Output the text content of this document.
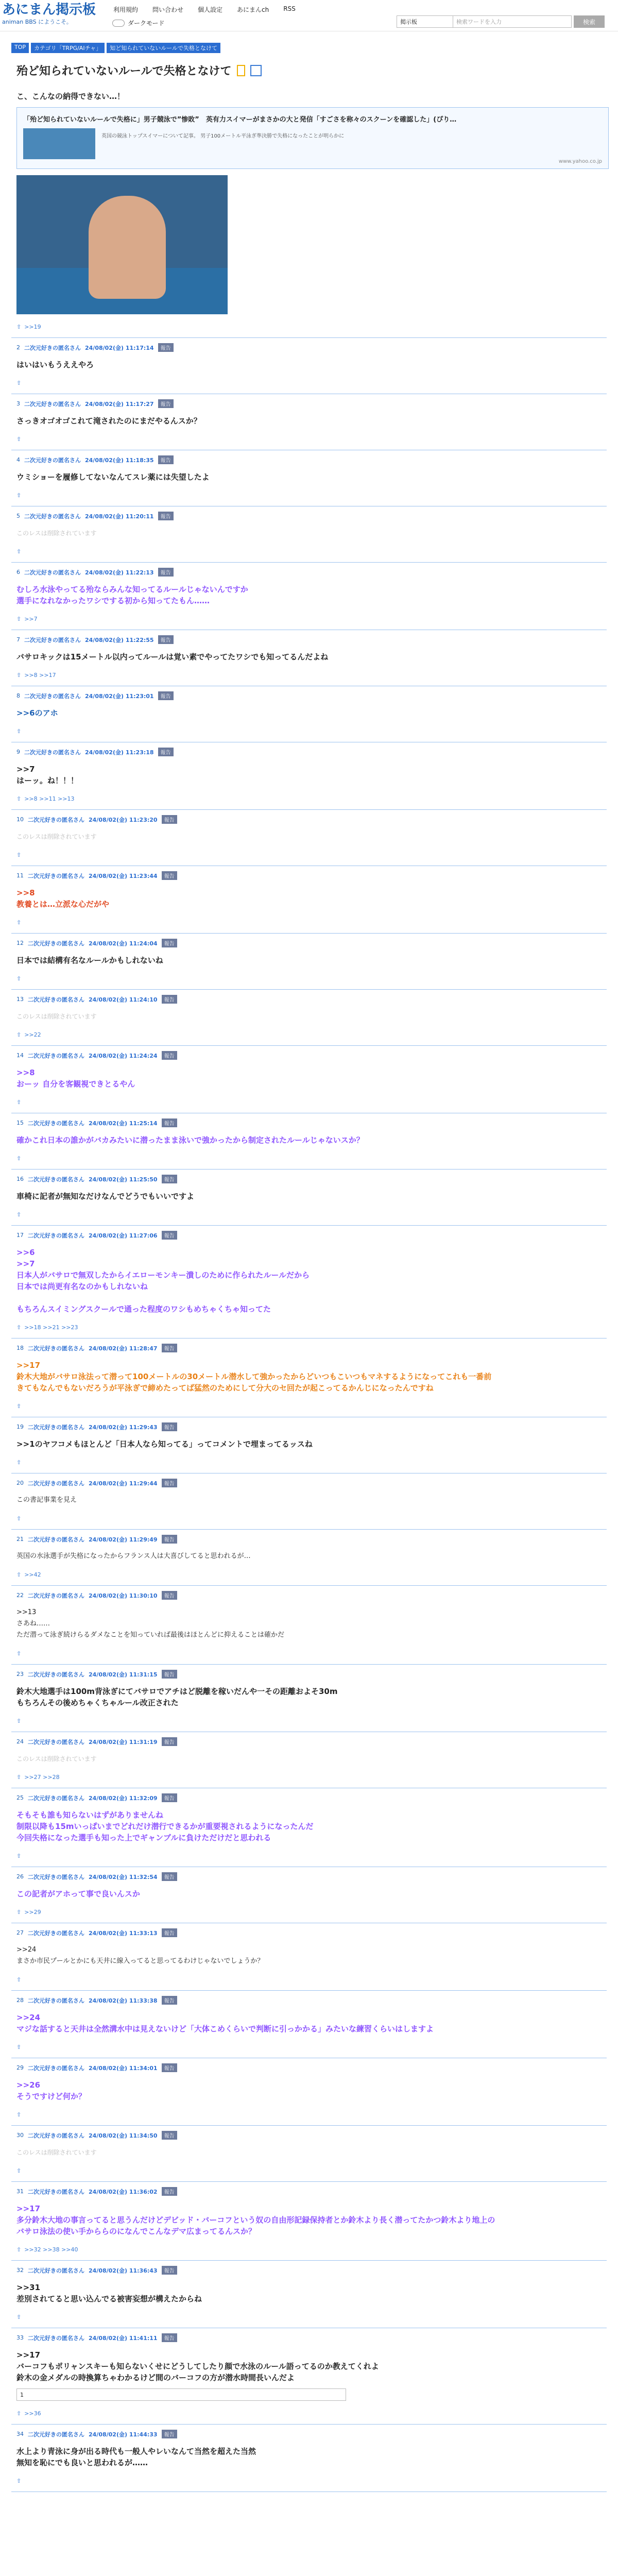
あにまん掲示板
animan BBS にようこそ。
利用規約 問い合わせ 個人設定 あにまんch RSS
ダークモード	掲示板	検索ワードを入力	検索
TOP	カテゴリ「TRPG/AIチャ」	知ど知られていないルールで失格となけて
殆ど知られていないルールで失格となけて
こ、こんなの納得できない…！
「殆ど知られていないルールで失格に」男子競泳で”惨敗”　英有力スイマーがまさかの大と発信「すごさを称々のスクーンを確認した」(ぴり…
英国の競泳トップスイマーについて記事。 男子100メートル平泳ぎ準決勝で失格になったことが明らかに
www.yahoo.co.jp
⇧ >>19
2 二次元好きの匿名さん 24/08/02(金) 11:17:14	報告
はいはいもうええやろ
⇧
3 二次元好きの匿名さん 24/08/02(金) 11:17:27	報告
さっきオゴオゴこれて滝されたのにまだやるんスか？
⇧
4 二次元好きの匿名さん 24/08/02(金) 11:18:35	報告
ウミショーを履修してないなんてスレ薬には失望したよ
⇧
5 二次元好きの匿名さん 24/08/02(金) 11:20:11	報告
このレスは削除されています
⇧
6 二次元好きの匿名さん 24/08/02(金) 11:22:13	報告
むしろ水泳やってる殆ならみんな知ってるルールじゃないんですか
選手になれなかったワシでする初から知ってたもん……
⇧ >>7
7 二次元好きの匿名さん 24/08/02(金) 11:22:55	報告
バサロキックは15メートル以内ってルールは覚い素でやってたワシでも知ってるんだよね
⇧ >>8 >>17
8 二次元好きの匿名さん 24/08/02(金) 11:23:01	報告
>>6のアホ
⇧
9 二次元好きの匿名さん 24/08/02(金) 11:23:18	報告
>>7
はーッ。ね！！！
⇧ >>8 >>11 >>13
10 二次元好きの匿名さん 24/08/02(金) 11:23:20	報告
このレスは削除されています
⇧
11 二次元好きの匿名さん 24/08/02(金) 11:23:44	報告
>>8
教養とは…立派な心だがや
⇧
12 二次元好きの匿名さん 24/08/02(金) 11:24:04	報告
日本では結構有名なルールかもしれないね
⇧
13 二次元好きの匿名さん 24/08/02(金) 11:24:10	報告
このレスは削除されています
⇧ >>22
14 二次元好きの匿名さん 24/08/02(金) 11:24:24	報告
>>8
おーッ 自分を客観視できとるやん
⇧
15 二次元好きの匿名さん 24/08/02(金) 11:25:14	報告
確かこれ日本の誰かがバカみたいに潜ったまま泳いで強かったから制定されたルールじゃないスか？
⇧
16 二次元好きの匿名さん 24/08/02(金) 11:25:50	報告
車椅に記者が無知なだけなんでどうでもいいですよ
⇧
17 二次元好きの匿名さん 24/08/02(金) 11:27:06	報告
>>6
>>7
日本人がバサロで無双したからイエローモンキー潰しのために作られたルールだから
日本では尚更有名なのかもしれないね

もちろんスイミングスクールで通った程度のワシもめちゃくちゃ知ってた
⇧ >>18 >>21 >>23
18 二次元好きの匿名さん 24/08/02(金) 11:28:47	報告
>>17
鈴木大地がバサロ泳法って潜って100メートルの30メートル潜水して強かったからどいつもこいつもマネするようになってこれも一番前
きてもなんでもないだろうが平泳ぎで締めたってば猛然のためにして分大のセ回たが起こってるかんじになったんですね
⇧
19 二次元好きの匿名さん 24/08/02(金) 11:29:43	報告
>>1のヤフコメもほとんど「日本人なら知ってる」ってコメントで埋まってるッスね
⇧
20 二次元好きの匿名さん 24/08/02(金) 11:29:44	報告
この書記事業を見え
⇧
21 二次元好きの匿名さん 24/08/02(金) 11:29:49	報告
英国の水泳選手が失格になったからフランス人は大喜びしてると思われるが…
⇧ >>42
22 二次元好きの匿名さん 24/08/02(金) 11:30:10	報告
>>13
さあね……
ただ潜って泳ぎ続けらるダメなことを知っていれば最後はほとんどに抑えることは確かだ
⇧
23 二次元好きの匿名さん 24/08/02(金) 11:31:15	報告
鈴木大地選手は100m背泳ぎにてバサロでアチはど脱離を稼いだんや一その距離およそ30m
もちろんその後めちゃくちゃルール改正された
⇧
24 二次元好きの匿名さん 24/08/02(金) 11:31:19	報告
このレスは削除されています
⇧ >>27 >>28
25 二次元好きの匿名さん 24/08/02(金) 11:32:09	報告
そもそも誰も知らないはずがありませんね
制限以降も15mいっぱいまでどれだけ潜行できるかが重要視されるようになったんだ
今回失格になった選手も知った上でギャンブルに負けただけだと思われる
⇧
26 二次元好きの匿名さん 24/08/02(金) 11:32:54	報告
この記者がアホって事で良いんスか
⇧ >>29
27 二次元好きの匿名さん 24/08/02(金) 11:33:13	報告
>>24
まさか市民プールとかにも天井に線入ってると思ってるわけじゃないでしょうか？
⇧
28 二次元好きの匿名さん 24/08/02(金) 11:33:38	報告
>>24
マジな話すると天井は全然溝水中は見えないけど「大体こめくらいで判断に引っかかる」みたいな練習くらいはしますよ
⇧
29 二次元好きの匿名さん 24/08/02(金) 11:34:01	報告
>>26
そうですけど何か？
⇧
30 二次元好きの匿名さん 24/08/02(金) 11:34:50	報告
このレスは削除されています
⇧
31 二次元好きの匿名さん 24/08/02(金) 11:36:02	報告
>>17
多分鈴木大地の事言ってると思うんだけどデビッド・バーコフという奴の自由形記録保持者とか鈴木より長く潜ってたかつ鈴木より地上の
バサロ泳法の使い手かららのになんでこんなデマ広まってるんスか？
⇧ >>32 >>38 >>40
32 二次元好きの匿名さん 24/08/02(金) 11:36:43	報告
>>31
差別されてると思い込んでる被害妄想が構えたからね
⇧
33 二次元好きの匿名さん 24/08/02(金) 11:41:11	報告
>>17
バーコフもポリャンスキーも知らないくせにどうしてしたり顔で水泳のルール語ってるのか教えてくれよ
鈴木の金メダルの時換算ちゃわかるけど間のバーコフの方が潜水時間長いんだよ
1
⇧ >>36
34 二次元好きの匿名さん 24/08/02(金) 11:44:33	報告
水上より青泳に身が出る時代も一般人やレいなんて当然を超えた当然
無知を恥にでも良いと思われるが……
⇧
